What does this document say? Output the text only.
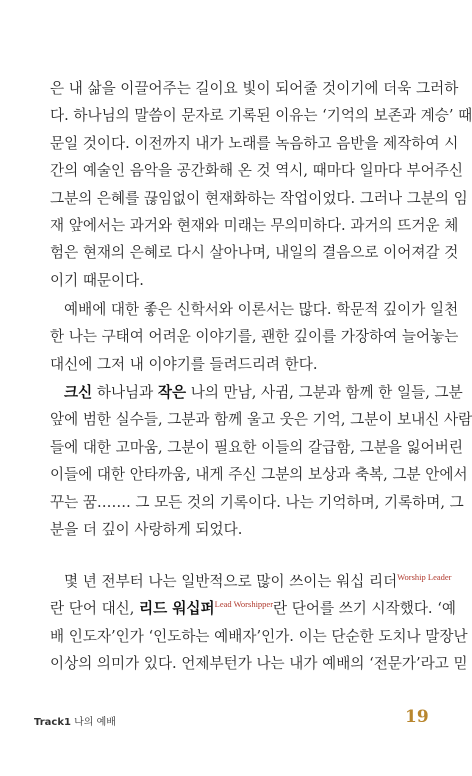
은 내 삶을 이끌어주는 길이요 빛이 되어줄 것이기에 더욱 그러하
다. 하나님의 말씀이 문자로 기록된 이유는 ‘기억의 보존과 계승’ 때
문일 것이다. 이전까지 내가 노래를 녹음하고 음반을 제작하여 시
간의 예술인 음악을 공간화해 온 것 역시, 때마다 일마다 부어주신
그분의 은혜를 끊임없이 현재화하는 작업이었다. 그러나 그분의 임
재 앞에서는 과거와 현재와 미래는 무의미하다. 과거의 뜨거운 체
험은 현재의 은혜로 다시 살아나며, 내일의 결음으로 이어져갈 것
이기 때문이다.
예배에 대한 좋은 신학서와 이론서는 많다. 학문적 깊이가 일천
한 나는 구태여 어려운 이야기를, 괜한 깊이를 가장하여 늘어놓는
대신에 그저 내 이야기를 들려드리려 한다.
크신 하나님과 작은 나의 만남, 사귐, 그분과 함께 한 일들, 그분
앞에 범한 실수들, 그분과 함께 울고 웃은 기억, 그분이 보내신 사람
들에 대한 고마움, 그분이 필요한 이들의 갈급함, 그분을 잃어버린
이들에 대한 안타까움, 내게 주신 그분의 보상과 축복, 그분 안에서
꾸는 꿈……. 그 모든 것의 기록이다. 나는 기억하며, 기록하며, 그
분을 더 깊이 사랑하게 되었다.
몇 년 전부터 나는 일반적으로 많이 쓰이는 워십 리더$^{Worship Leader}$
란 단어 대신, 리드 워십퍼$^{Lead Worshipper}$란 단어를 쓰기 시작했다. ‘예
배 인도자’인가 ‘인도하는 예배자’인가. 이는 단순한 도치나 말장난
이상의 의미가 있다. 언제부턴가 나는 내가 예배의 ‘전문가’라고 믿
Track1 나의 예배	19
